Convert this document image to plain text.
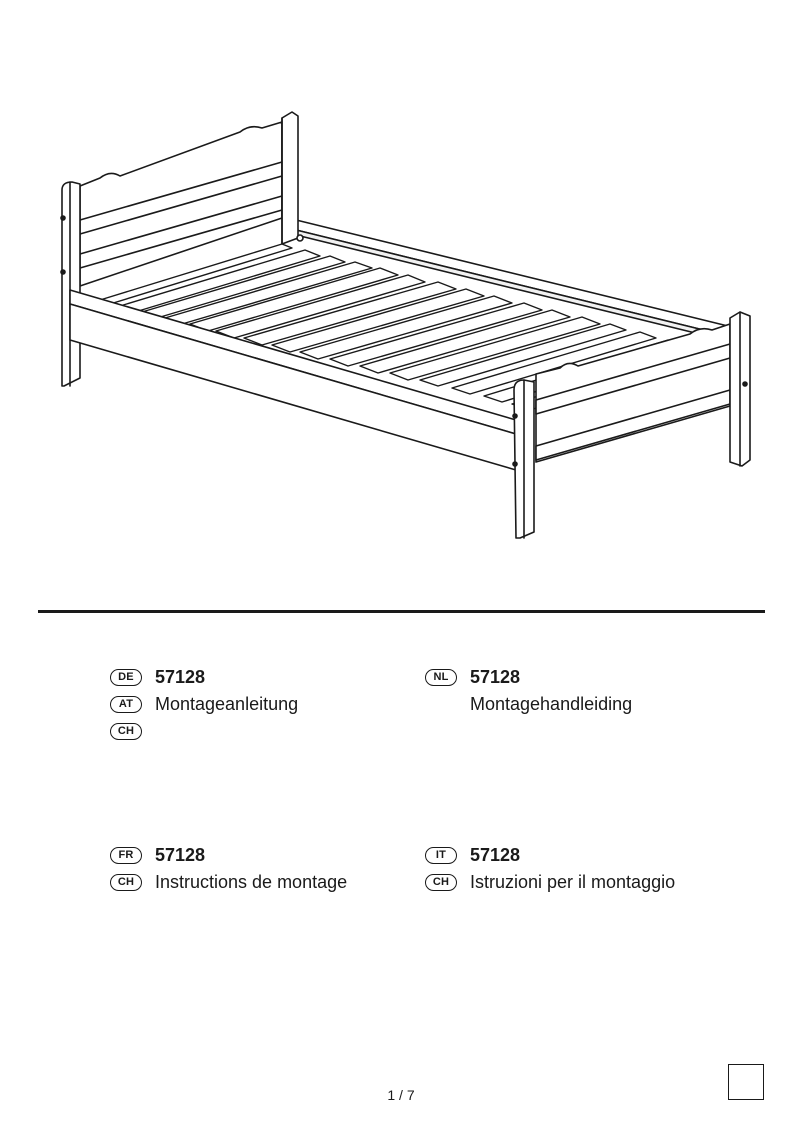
DE	57128
AT	Montageanleitung
CH
NL	57128
Montagehandleiding
FR	57128
CH	Instructions de montage
IT	57128
CH	Istruzioni per il montaggio
1 / 7
